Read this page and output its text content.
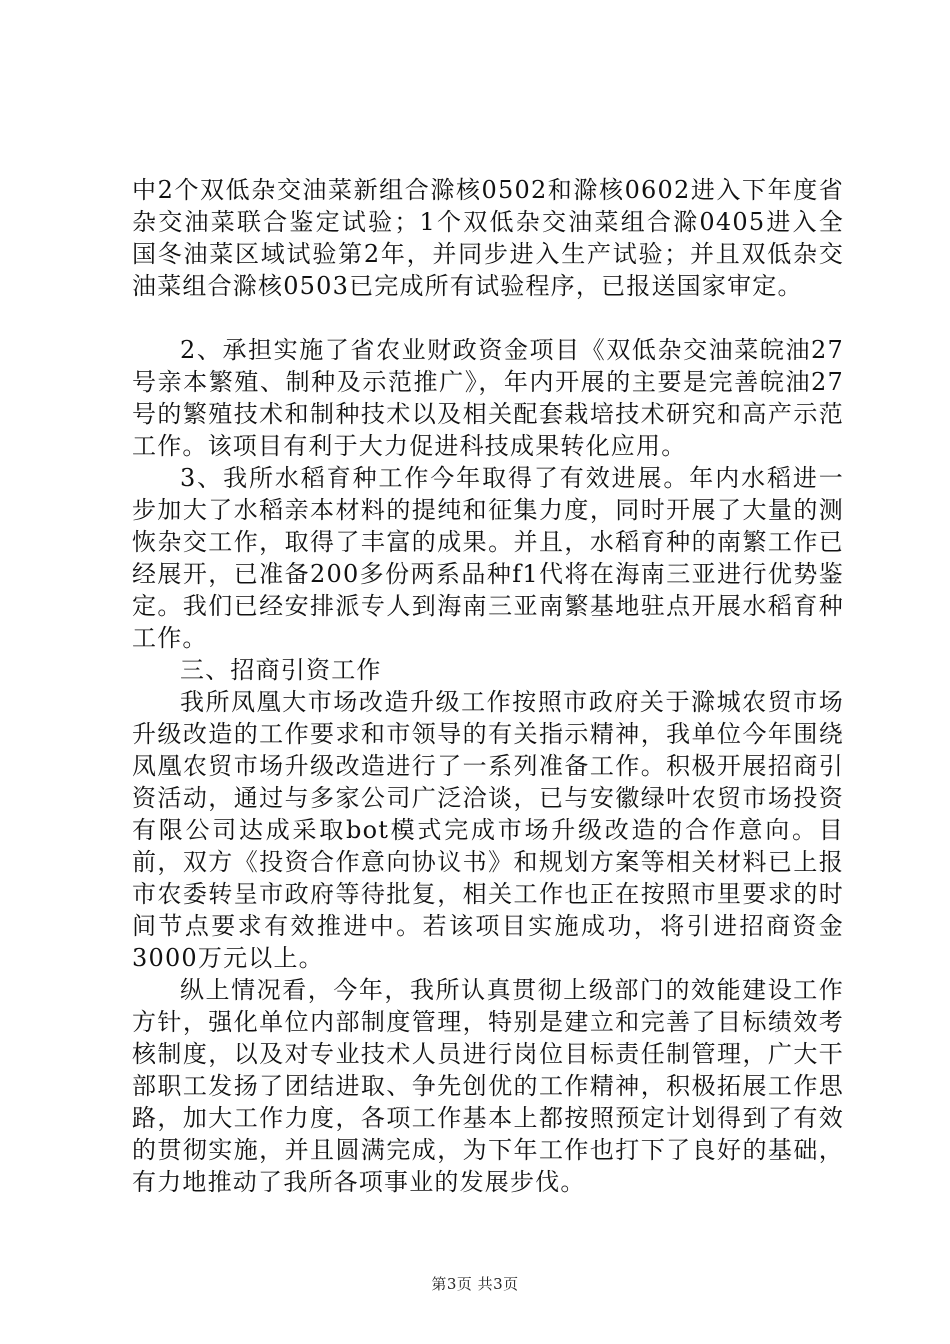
中2个双低杂交油菜新组合滁核0502和滁核0602进入下年度省杂交油菜联合鉴定试验；1个双低杂交油菜组合滁0405进入全国冬油菜区域试验第2年，并同步进入生产试验；并且双低杂交油菜组合滁核0503已完成所有试验程序，已报送国家审定。

2、承担实施了省农业财政资金项目《双低杂交油菜皖油27号亲本繁殖、制种及示范推广》，年内开展的主要是完善皖油27号的繁殖技术和制种技术以及相关配套栽培技术研究和高产示范工作。该项目有利于大力促进科技成果转化应用。

3、我所水稻育种工作今年取得了有效进展。年内水稻进一步加大了水稻亲本材料的提纯和征集力度，同时开展了大量的测恢杂交工作，取得了丰富的成果。并且，水稻育种的南繁工作已经展开，已准备200多份两系品种f1代将在海南三亚进行优势鉴定。我们已经安排派专人到海南三亚南繁基地驻点开展水稻育种工作。

三、招商引资工作

我所凤凰大市场改造升级工作按照市政府关于滁城农贸市场升级改造的工作要求和市领导的有关指示精神，我单位今年围绕凤凰农贸市场升级改造进行了一系列准备工作。积极开展招商引资活动，通过与多家公司广泛洽谈，已与安徽绿叶农贸市场投资有限公司达成采取bot模式完成市场升级改造的合作意向。目前，双方《投资合作意向协议书》和规划方案等相关材料已上报市农委转呈市政府等待批复，相关工作也正在按照市里要求的时间节点要求有效推进中。若该项目实施成功，将引进招商资金3000万元以上。

纵上情况看，今年，我所认真贯彻上级部门的效能建设工作方针，强化单位内部制度管理，特别是建立和完善了目标绩效考核制度，以及对专业技术人员进行岗位目标责任制管理，广大干部职工发扬了团结进取、争先创优的工作精神，积极拓展工作思路，加大工作力度，各项工作基本上都按照预定计划得到了有效的贯彻实施，并且圆满完成，为下年工作也打下了良好的基础，有力地推动了我所各项事业的发展步伐。

第3页 共3页
